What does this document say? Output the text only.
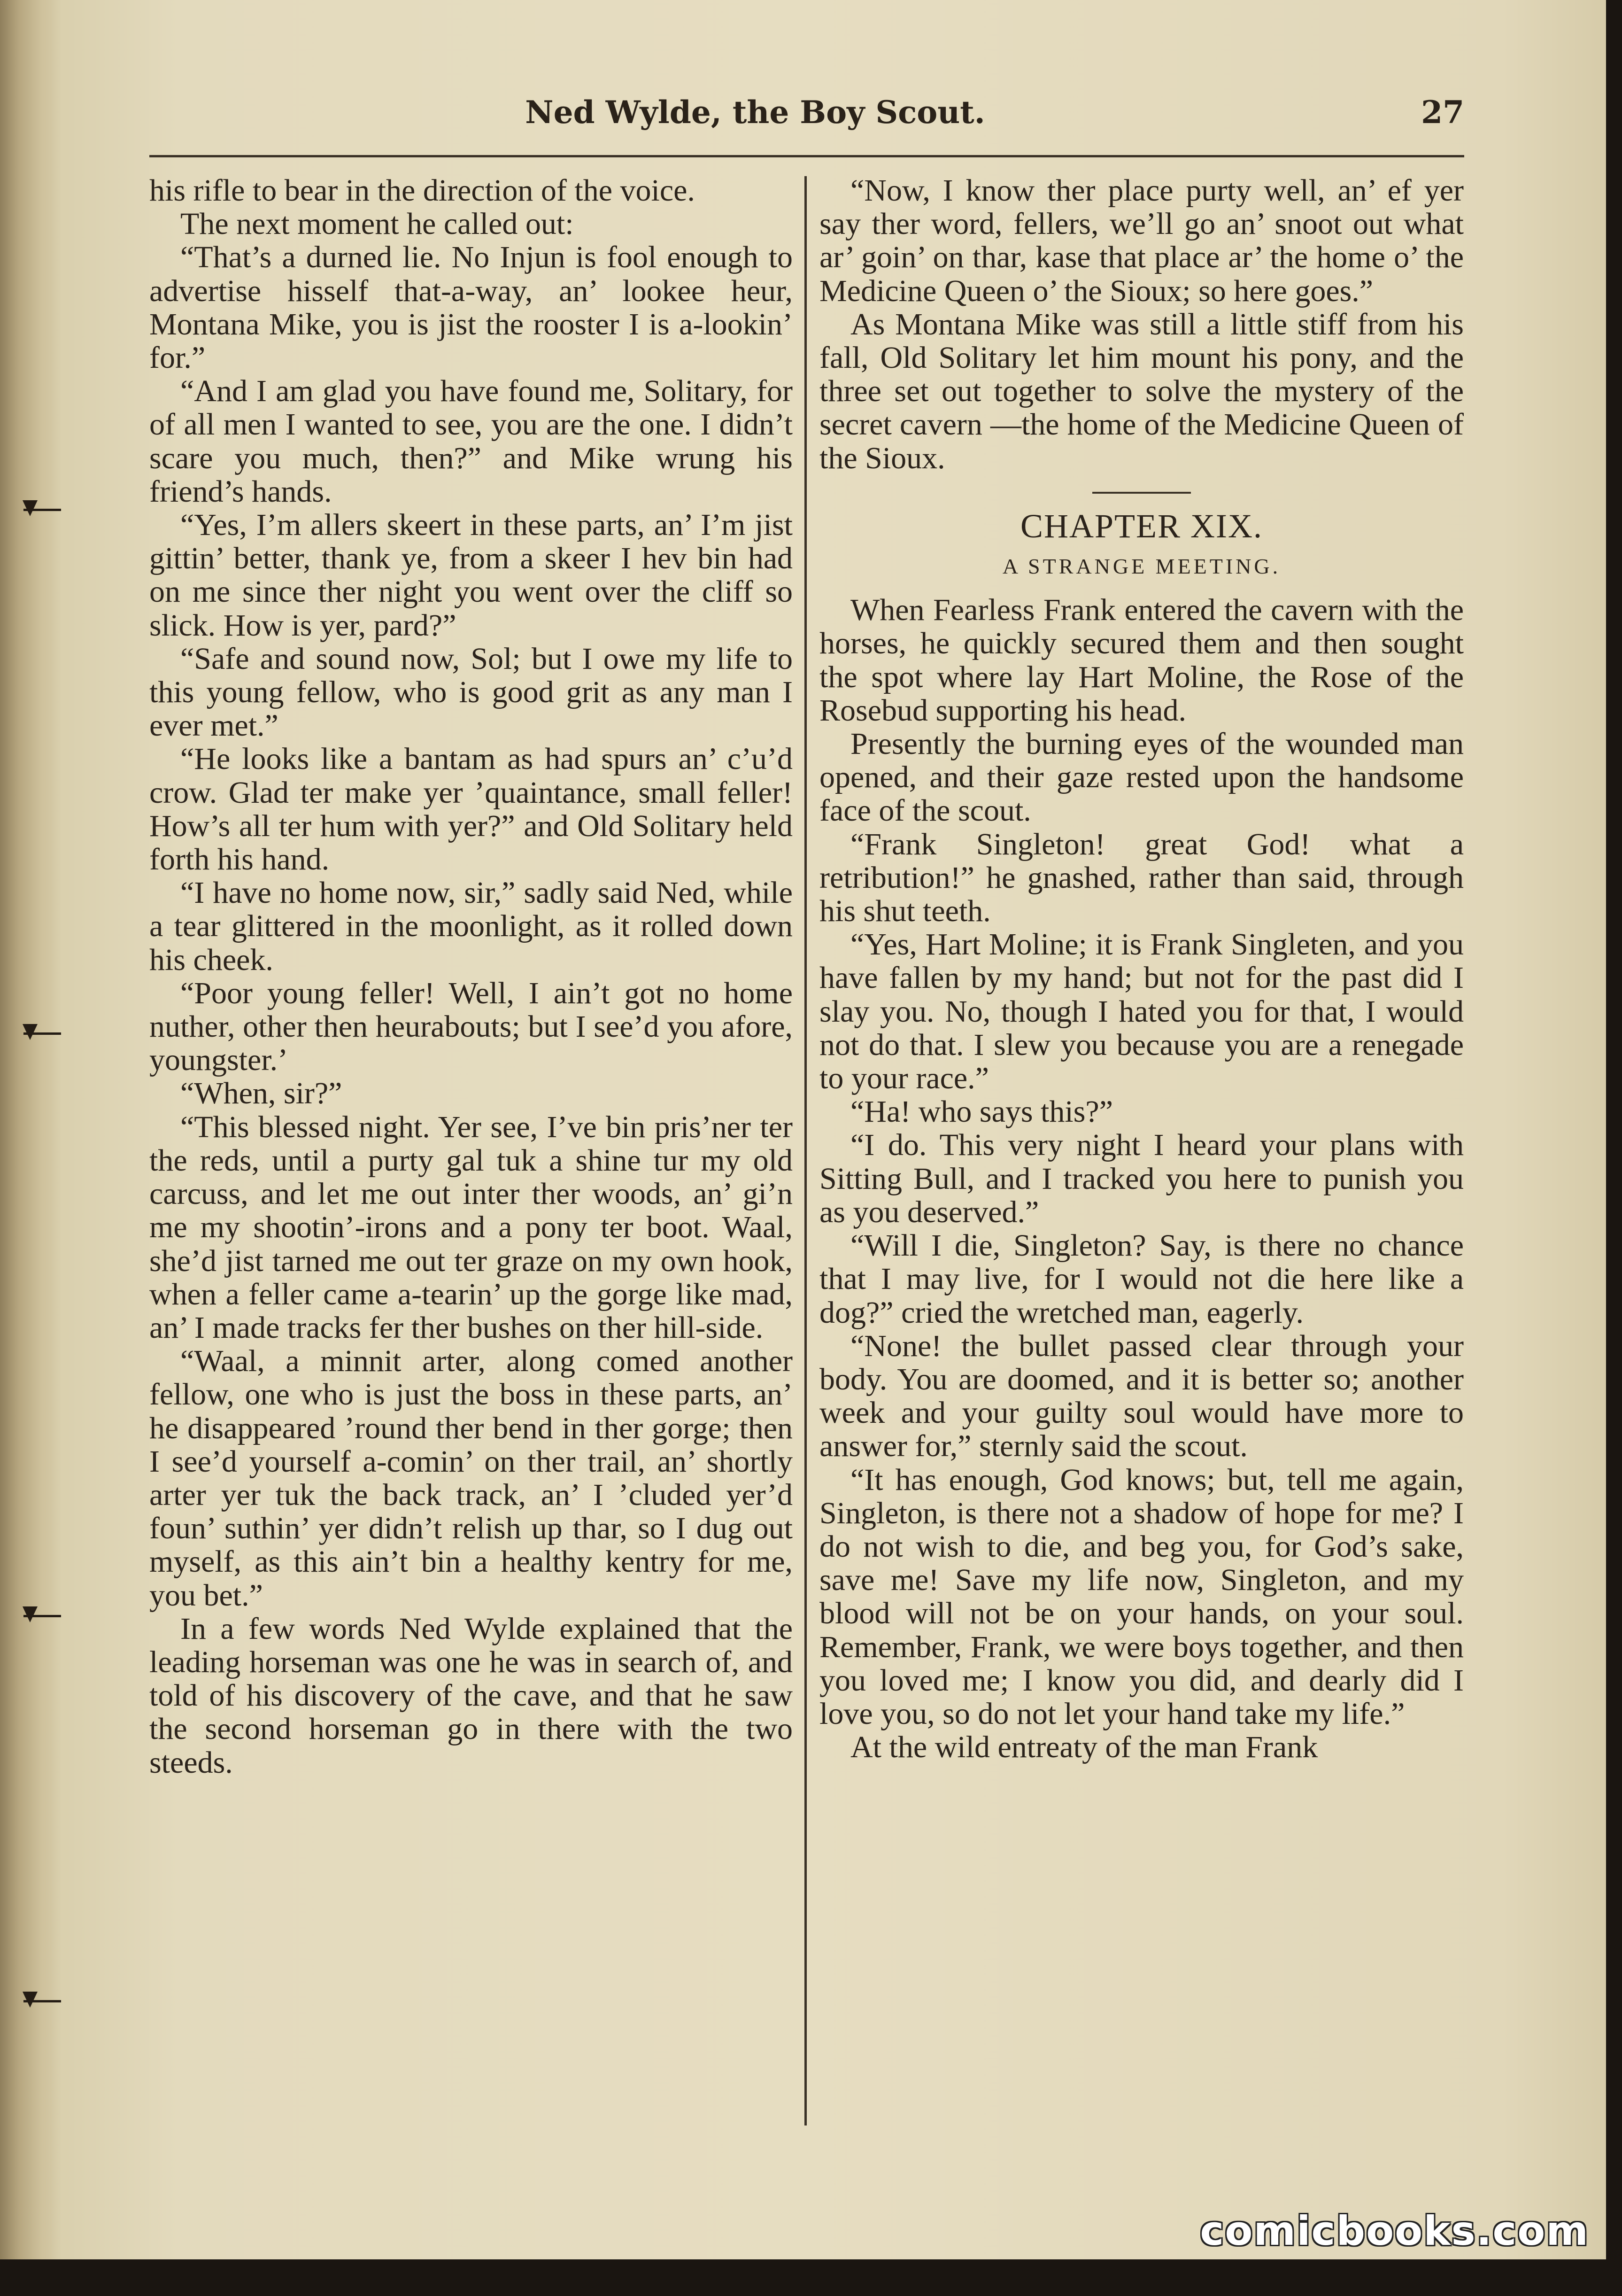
Ned Wylde, the Boy Scout.	27

his rifle to bear in the direction of the voice.

The next moment he called out:

“That’s a durned lie. No Injun is fool enough to advertise hisself that-a-way, an’ lookee heur, Montana Mike, you is jist the rooster I is a-lookin’ for.”

“And I am glad you have found me, Solitary, for of all men I wanted to see, you are the one. I didn’t scare you much, then?” and Mike wrung his friend’s hands.

“Yes, I’m allers skeert in these parts, an’ I’m jist gittin’ better, thank ye, from a skeer I hev bin had on me since ther night you went over the cliff so slick. How is yer, pard?”

“Safe and sound now, Sol; but I owe my life to this young fellow, who is good grit as any man I ever met.”

“He looks like a bantam as had spurs an’ c’u’d crow. Glad ter make yer ’quaintance, small feller! How’s all ter hum with yer?” and Old Solitary held forth his hand.

“I have no home now, sir,” sadly said Ned, while a tear glittered in the moonlight, as it rolled down his cheek.

“Poor young feller! Well, I ain’t got no home nuther, other then heurabouts; but I see’d you afore, youngster.’

“When, sir?”

“This blessed night. Yer see, I’ve bin pris’ner ter the reds, until a purty gal tuk a shine tur my old carcuss, and let me out inter ther woods, an’ gi’n me my shootin’-irons and a pony ter boot. Waal, she’d jist tarned me out ter graze on my own hook, when a feller came a-tearin’ up the gorge like mad, an’ I made tracks fer ther bushes on ther hill-side.

“Waal, a minnit arter, along comed another fellow, one who is just the boss in these parts, an’ he disappeared ’round ther bend in ther gorge; then I see’d yourself a-comin’ on ther trail, an’ shortly arter yer tuk the back track, an’ I ’cluded yer’d foun’ suthin’ yer didn’t relish up thar, so I dug out myself, as this ain’t bin a healthy kentry for me, you bet.”

In a few words Ned Wylde explained that the leading horseman was one he was in search of, and told of his discovery of the cave, and that he saw the second horseman go in there with the two steeds.

“Now, I know ther place purty well, an’ ef yer say ther word, fellers, we’ll go an’ snoot out what ar’ goin’ on thar, kase that place ar’ the home o’ the Medicine Queen o’ the Sioux; so here goes.”

As Montana Mike was still a little stiff from his fall, Old Solitary let him mount his pony, and the three set out together to solve the mystery of the secret cavern —the home of the Medicine Queen of the Sioux.

CHAPTER XIX.
A STRANGE MEETING.

When Fearless Frank entered the cavern with the horses, he quickly secured them and then sought the spot where lay Hart Moline, the Rose of the Rosebud supporting his head.

Presently the burning eyes of the wounded man opened, and their gaze rested upon the handsome face of the scout.

“Frank Singleton! great God! what a retribution!” he gnashed, rather than said, through his shut teeth.

“Yes, Hart Moline; it is Frank Singleten, and you have fallen by my hand; but not for the past did I slay you. No, though I hated you for that, I would not do that. I slew you because you are a renegade to your race.”

“Ha! who says this?”

“I do. This very night I heard your plans with Sitting Bull, and I tracked you here to punish you as you deserved.”

“Will I die, Singleton? Say, is there no chance that I may live, for I would not die here like a dog?” cried the wretched man, eagerly.

“None! the bullet passed clear through your body. You are doomed, and it is better so; another week and your guilty soul would have more to answer for,” sternly said the scout.

“It has enough, God knows; but, tell me again, Singleton, is there not a shadow of hope for me? I do not wish to die, and beg you, for God’s sake, save me! Save my life now, Singleton, and my blood will not be on your hands, on your soul. Remember, Frank, we were boys together, and then you loved me; I know you did, and dearly did I love you, so do not let your hand take my life.”

At the wild entreaty of the man Frank

comicbooks.com
